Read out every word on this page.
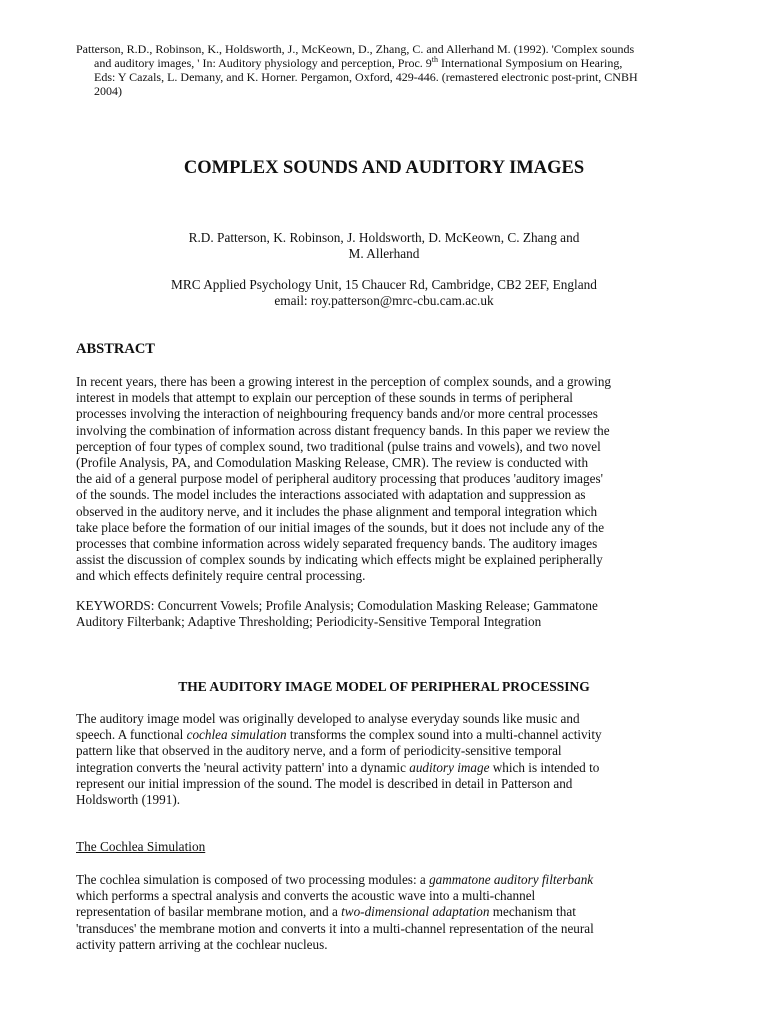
Patterson, R.D., Robinson, K., Holdsworth, J., McKeown, D., Zhang, C. and Allerhand M. (1992). 'Complex sounds
and auditory images, ' In: Auditory physiology and perception, Proc. 9th International Symposium on Hearing,
Eds: Y Cazals, L. Demany, and K. Horner. Pergamon, Oxford, 429-446. (remastered electronic post-print, CNBH
2004)
COMPLEX SOUNDS AND AUDITORY IMAGES
R.D. Patterson, K. Robinson, J. Holdsworth, D. McKeown, C. Zhang and
M. Allerhand
MRC Applied Psychology Unit, 15 Chaucer Rd, Cambridge, CB2 2EF, England
email: roy.patterson@mrc-cbu.cam.ac.uk
ABSTRACT
In recent years, there has been a growing interest in the perception of complex sounds, and a growing
interest in models that attempt to explain our perception of these sounds in terms of peripheral
processes involving the interaction of neighbouring frequency bands and/or more central processes
involving the combination of information across distant frequency bands. In this paper we review the
perception of four types of complex sound, two traditional (pulse trains and vowels), and two novel
(Profile Analysis, PA, and Comodulation Masking Release, CMR). The review is conducted with
the aid of a general purpose model of peripheral auditory processing that produces 'auditory images'
of the sounds. The model includes the interactions associated with adaptation and suppression as
observed in the auditory nerve, and it includes the phase alignment and temporal integration which
take place before the formation of our initial images of the sounds, but it does not include any of the
processes that combine information across widely separated frequency bands. The auditory images
assist the discussion of complex sounds by indicating which effects might be explained peripherally
and which effects definitely require central processing.
KEYWORDS: Concurrent Vowels; Profile Analysis; Comodulation Masking Release; Gammatone
Auditory Filterbank; Adaptive Thresholding; Periodicity-Sensitive Temporal Integration
THE AUDITORY IMAGE MODEL OF PERIPHERAL PROCESSING
The auditory image model was originally developed to analyse everyday sounds like music and
speech. A functional cochlea simulation transforms the complex sound into a multi-channel activity
pattern like that observed in the auditory nerve, and a form of periodicity-sensitive temporal
integration converts the 'neural activity pattern' into a dynamic auditory image which is intended to
represent our initial impression of the sound. The model is described in detail in Patterson and
Holdsworth (1991).
The Cochlea Simulation
The cochlea simulation is composed of two processing modules: a gammatone auditory filterbank
which performs a spectral analysis and converts the acoustic wave into a multi-channel
representation of basilar membrane motion, and a two-dimensional adaptation mechanism that
'transduces' the membrane motion and converts it into a multi-channel representation of the neural
activity pattern arriving at the cochlear nucleus.
